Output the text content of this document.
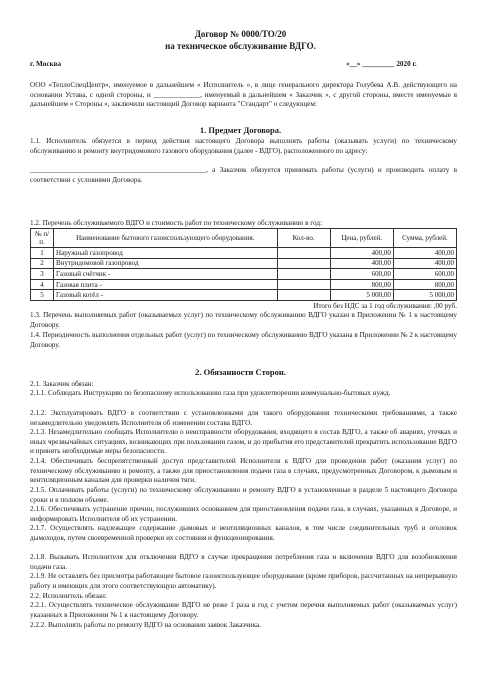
Договор № 0000/ТО/20
на техническое обслуживание ВДГО.
г. Москва	«__» _________ 2020 г.
ООО «ТеплоСпецЦентр», именуемое в дальнейшем « Исполнитель », в лице генерального директора Голубева А.В. действующего на основании Устава, с одной стороны, и _____________, именуемый в дальнейшем « Заказчик », с другой стороны, вместе именуемые в дальнейшем « Стороны », заключили настоящий Договор варианта "Стандарт" о следующем:
1. Предмет Договора.
1.1. Исполнитель обязуется в период действия настоящего Договора выполнять работы (оказывать услуги) по техническому обслуживанию и ремонту внутридомового газового оборудования (далее - ВДГО), расположенного по адресу:
_________________________________________________, а Заказчик обязуется принимать работы (услуги) и производить оплату в соответствии с условиями Договора.
1.2. Перечень обслуживаемого ВДГО и стоимость работ по техническому обслуживанию в год:
№ п/п.	Наименование бытового газоиспользующего оборудования.	Кол-во.	Цена, рублей.	Сумма, рублей.
1	Наружный газопровод		400,00	400,00
2	Внутридомовой газопровод		400,00	400,00
3	Газовый счётчик -		600,00	600,00
4	Газовая плита -		800,00	800,00
5	Газовый котёл -		5 000,00	5 000,00
Итого без НДС за 1 год обслуживания: ,00 руб.
1.3. Перечень выполняемых работ (оказываемых услуг) по техническому обслуживанию ВДГО указан в Приложении № 1 к настоящему Договору.
1.4. Периодичность выполнения отдельных работ (услуг) по техническому обслуживанию ВДГО указана в Приложении № 2 к настоящему Договору.
2. Обязанности Сторон.
2.1. Заказчик обязан:
2.1.1. Соблюдать Инструкцию по безопасному использованию газа при удовлетворении коммунально-бытовых нужд.
2.1.2. Эксплуатировать ВДГО в соответствии с установленными для такого оборудования техническими требованиями, а также незамедлительно уведомлять Исполнителя об изменении состава ВДГО.
2.1.3. Незамедлительно сообщать Исполнителю о неисправности оборудования, входящего в состав ВДГО, а также об авариях, утечках и иных чрезвычайных ситуациях, возникающих при пользовании газом, и до прибытия его представителей прекратить использование ВДГО и принять необходимые меры безопасности.
2.1.4. Обеспечивать беспрепятственный доступ представителей Исполнителя к ВДГО для проведения работ (оказания услуг) по техническому обслуживанию и ремонту, а также для приостановления подачи газа в случаях, предусмотренных Договором, к дымовым и вентиляционным каналам для проверки наличия тяги.
2.1.5. Оплачивать работы (услуги) по техническому обслуживанию и ремонту ВДГО в установленные в разделе 5 настоящего Договора сроки и в полном объеме.
2.1.6. Обеспечивать устранение причин, послуживших основанием для приостановления подачи газа, в случаях, указанных в Договоре, и информировать Исполнителя об их устранении.
2.1.7. Осуществлять надлежащее содержание дымовых и вентиляционных каналов, в том числе соединительных труб и оголовок дымоходов, путем своевременной проверки их состояния и функционирования.
2.1.8. Вызывать Исполнителя для отключения ВДГО в случае прекращения потребления газа и включения ВДГО для возобновления подачи газа.
2.1.9. Не оставлять без присмотра работающее бытовое газоиспользующее оборудование (кроме приборов, рассчитанных на непрерывную работу и имеющих для этого соответствующую автоматику).
2.2. Исполнитель обязан:
2.2.1. Осуществлять техническое обслуживание ВДГО не реже 1 раза в год с учетом перечня выполняемых работ (оказываемых услуг) указанных в Приложении № 1 к настоящему Договору.
2.2.2. Выполнять работы по ремонту ВДГО на основании заявок Заказчика.
